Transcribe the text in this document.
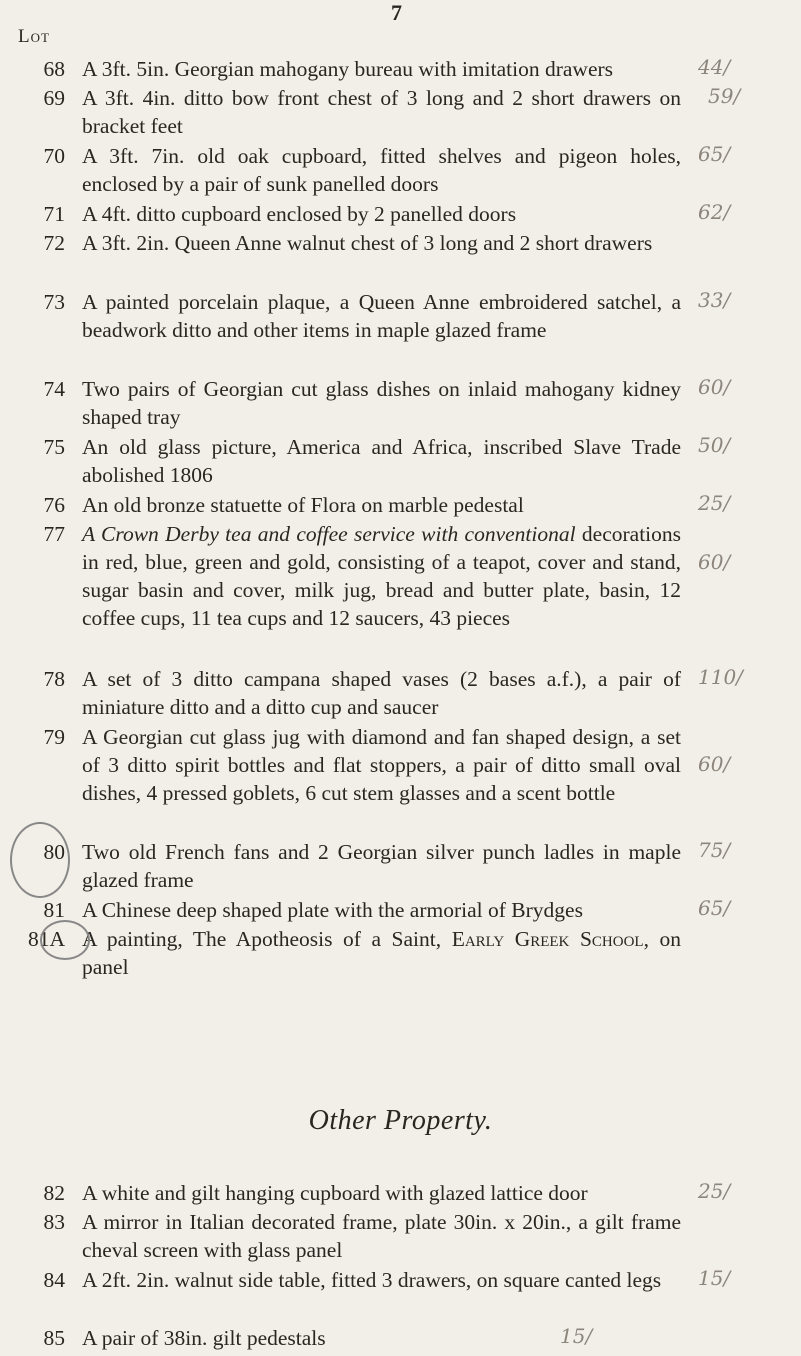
7
Lot
68 A 3ft. 5in. Georgian mahogany bureau with imitation drawers
69 A 3ft. 4in. ditto bow front chest of 3 long and 2 short drawers on bracket feet
70 A 3ft. 7in. old oak cupboard, fitted shelves and pigeon holes, enclosed by a pair of sunk panelled doors
71 A 4ft. ditto cupboard enclosed by 2 panelled doors
72 A 3ft. 2in. Queen Anne walnut chest of 3 long and 2 short drawers
73 A painted porcelain plaque, a Queen Anne embroidered satchel, a beadwork ditto and other items in maple glazed frame
74 Two pairs of Georgian cut glass dishes on inlaid mahogany kidney shaped tray
75 An old glass picture, America and Africa, inscribed Slave Trade abolished 1806
76 An old bronze statuette of Flora on marble pedestal
77 A Crown Derby tea and coffee service with conventional decorations in red, blue, green and gold, consisting of a teapot, cover and stand, sugar basin and cover, milk jug, bread and butter plate, basin, 12 coffee cups, 11 tea cups and 12 saucers, 43 pieces
78 A set of 3 ditto campana shaped vases (2 bases a.f.), a pair of miniature ditto and a ditto cup and saucer
79 A Georgian cut glass jug with diamond and fan shaped design, a set of 3 ditto spirit bottles and flat stoppers, a pair of ditto small oval dishes, 4 pressed goblets, 6 cut stem glasses and a scent bottle
80 Two old French fans and 2 Georgian silver punch ladles in maple glazed frame
81 A Chinese deep shaped plate with the armorial of Brydges
81A A painting, The Apotheosis of a Saint, Early Greek School, on panel
Other Property.
82 A white and gilt hanging cupboard with glazed lattice door
83 A mirror in Italian decorated frame, plate 30in. x 20in., a gilt frame cheval screen with glass panel
84 A 2ft. 2in. walnut side table, fitted 3 drawers, on square canted legs
85 A pair of 38in. gilt pedestals
44/
59/
65/
62/
33/
60/
50/
25/
60/
110/
60/
75/
65/
25/
15/
15/
